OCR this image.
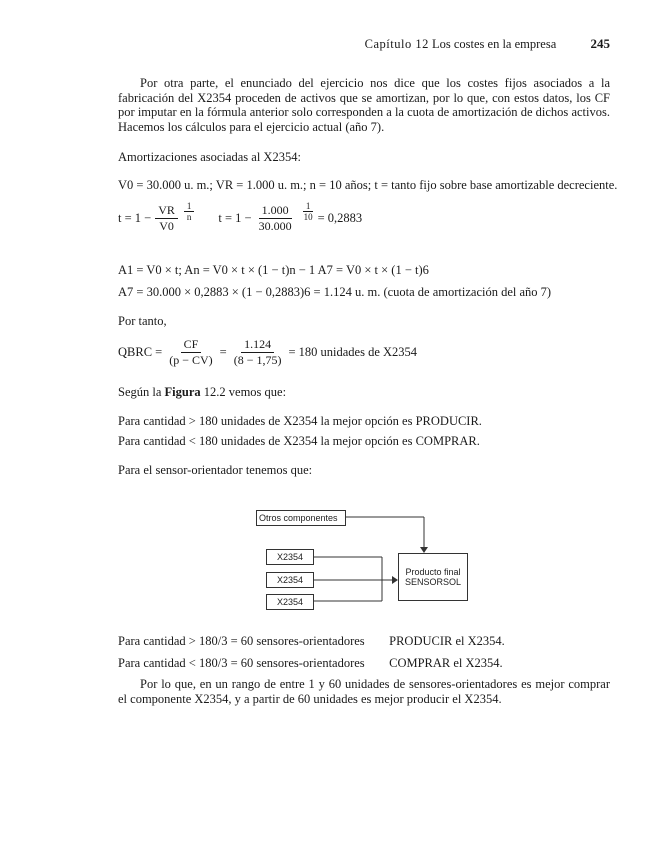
Capítulo 12 Los costes en la empresa	245

Por otra parte, el enunciado del ejercicio nos dice que los costes fijos asociados a la fabricación del X2354 proceden de activos que se amortizan, por lo que, con estos datos, los CF por imputar en la fórmula anterior solo corresponden a la cuota de amortización de dichos activos. Hacemos los cálculos para el ejercicio actual (año 7).

Amortizaciones asociadas al X2354:

V0 = 30.000 u. m.; VR = 1.000 u. m.; n = 10 años; t = tanto fijo sobre base amortizable decreciente.

$t = 1 - \frac{VR}{V0} \frac{1}{n}$ $t = 1 - \frac{1.000}{30.000} \frac{1}{10} = 0,2883$

A1 = V0 × t; An = V0 × t × (1 − t)n − 1 A7 = V0 × t × (1 − t)6

A7 = 30.000 × 0,2883 × (1 − 0,2883)6 = 1.124 u. m. (cuota de amortización del año 7)

Por tanto,

QBRC = $\frac{CF}{(p - CV)} = \frac{1.124}{(8 - 1,75)} = 180$ unidades de X2354

Según la Figura 12.2 vemos que:

Para cantidad > 180 unidades de X2354 la mejor opción es PRODUCIR.

Para cantidad < 180 unidades de X2354 la mejor opción es COMPRAR.

Para el sensor-orientador tenemos que:

Otros componentes
X2354
X2354
X2354
Producto final
SENSORSOL
Para cantidad > 180/3 = 60 sensores-orientadores PRODUCIR el X2354.
Para cantidad < 180/3 = 60 sensores-orientadores COMPRAR el X2354.

Por lo que, en un rango de entre 1 y 60 unidades de sensores-orientadores es mejor comprar el componente X2354, y a partir de 60 unidades es mejor producir el X2354.
